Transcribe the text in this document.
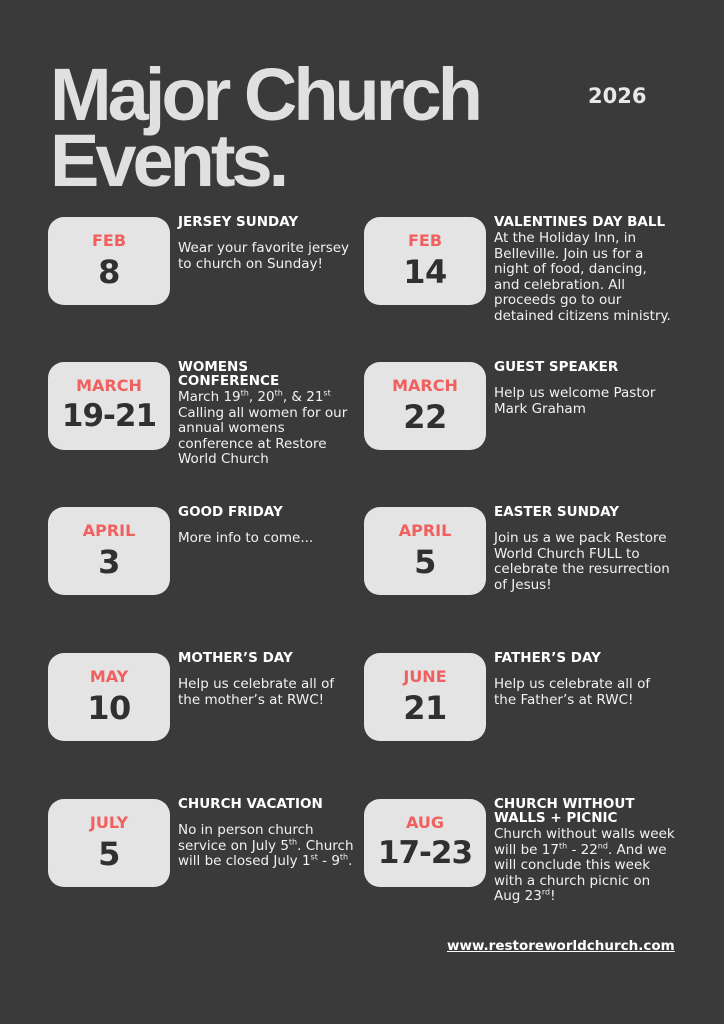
Major Church
Events.
2026
FEB
8

JERSEY SUNDAY

Wear your favorite jersey to church on Sunday!

FEB
14

VALENTINES DAY BALL

At the Holiday Inn, in Belleville. Join us for a night of food, dancing, and celebration. All proceeds go to our detained citizens ministry.

MARCH
19-21

WOMENS CONFERENCE

March 19th, 20th, & 21st

Calling all women for our annual womens conference at Restore World Church

MARCH
22

GUEST SPEAKER

Help us welcome Pastor Mark Graham

APRIL
3

GOOD FRIDAY

More info to come...	APRIL
5

EASTER SUNDAY

Join us a we pack Restore World Church FULL to celebrate the resurrection of Jesus!

MAY
10

MOTHER’S DAY

Help us celebrate all of the mother’s at RWC!

JUNE
21

FATHER’S DAY

Help us celebrate all of the Father’s at RWC!

JULY
5

CHURCH VACATION

No in person church service on July 5th. Church will be closed July 1st - 9th.

AUG
17-23

CHURCH WITHOUT WALLS + PICNIC

Church without walls week will be 17th - 22nd. And we will conclude this week with a church picnic on Aug 23rd!

www.restoreworldchurch.com
